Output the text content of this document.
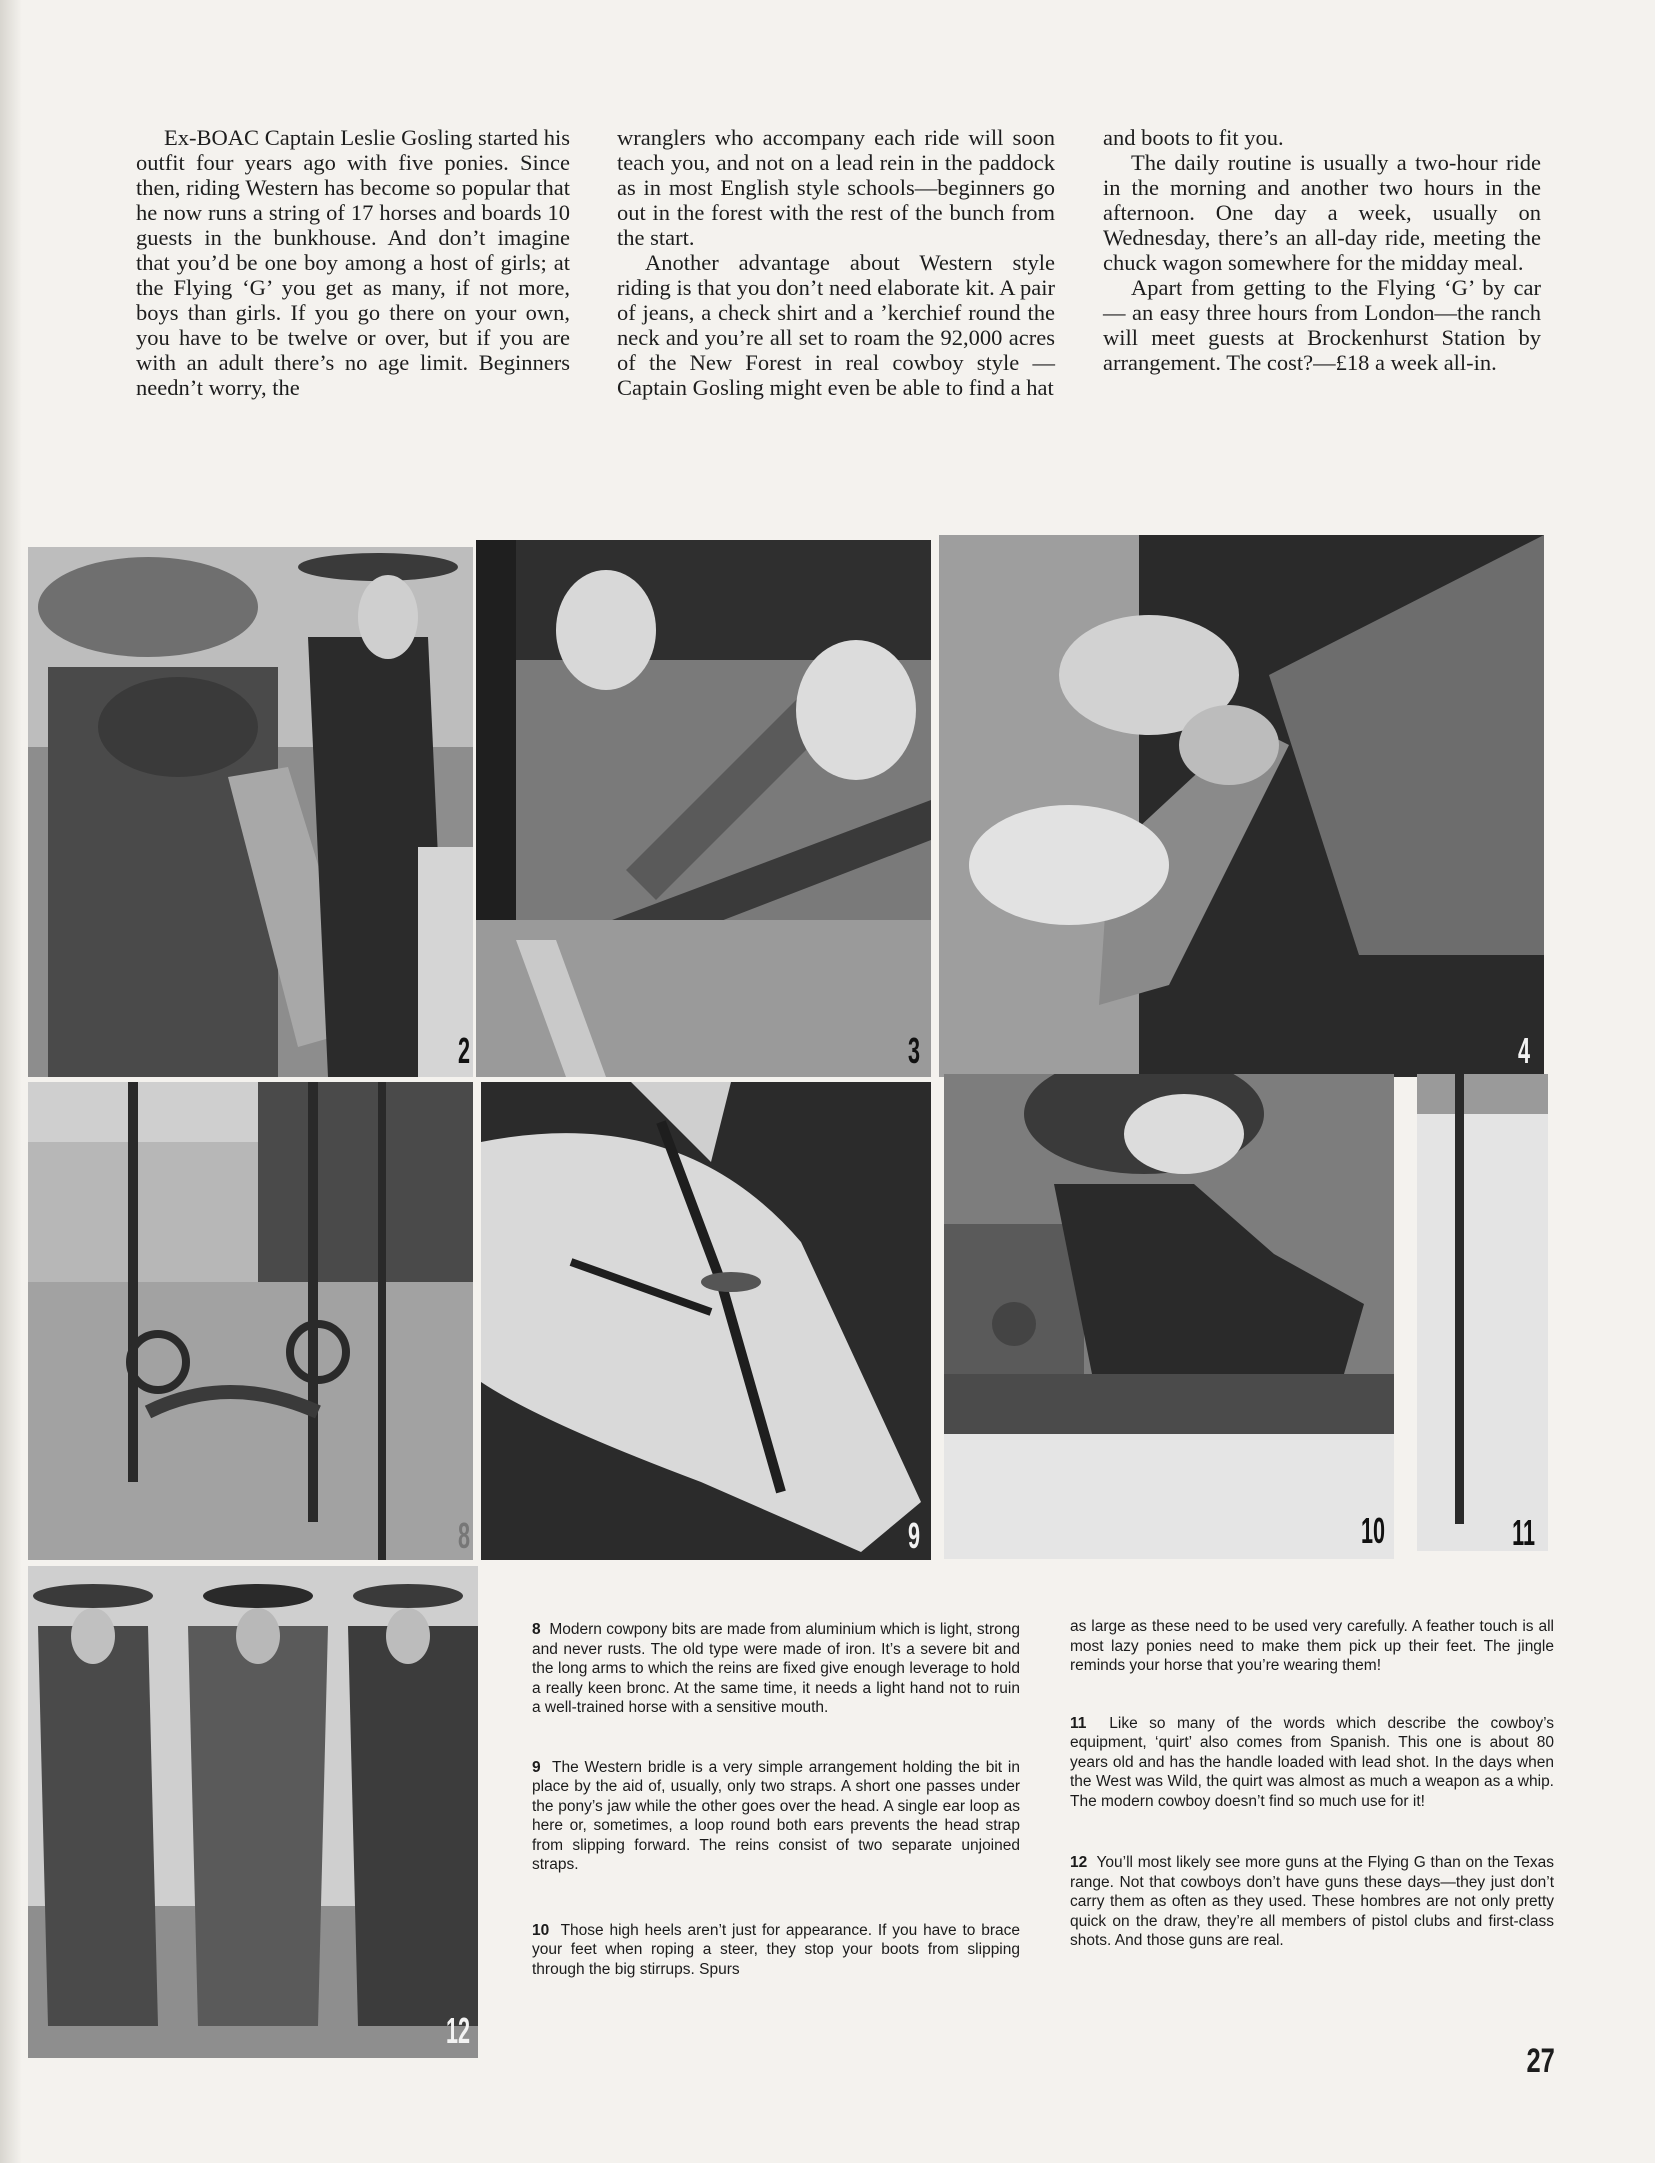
Ex-BOAC Captain Leslie Gosling started his outfit four years ago with five ponies. Since then, riding Western has become so popular that he now runs a string of 17 horses and boards 10 guests in the bunkhouse. And don’t imagine that you’d be one boy among a host of girls; at the Flying ‘G’ you get as many, if not more, boys than girls. If you go there on your own, you have to be twelve or over, but if you are with an adult there’s no age limit. Beginners needn’t worry, the

wranglers who accompany each ride will soon teach you, and not on a lead rein in the paddock as in most English style schools—beginners go out in the forest with the rest of the bunch from the start.

Another advantage about Western style riding is that you don’t need elaborate kit. A pair of jeans, a check shirt and a ’kerchief round the neck and you’re all set to roam the 92,000 acres of the New Forest in real cowboy style — Captain Gosling might even be able to find a hat

and boots to fit you.

The daily routine is usually a two-hour ride in the morning and another two hours in the afternoon. One day a week, usually on Wednesday, there’s an all-day ride, meeting the chuck wagon somewhere for the midday meal.

Apart from getting to the Flying ‘G’ by car — an easy three hours from London—the ranch will meet guests at Brockenhurst Station by arrangement. The cost?—£18 a week all-in.

2	3	4
8	9	10	11
12

8 Modern cowpony bits are made from aluminium which is light, strong and never rusts. The old type were made of iron. It’s a severe bit and the long arms to which the reins are fixed give enough leverage to hold a really keen bronc. At the same time, it needs a light hand not to ruin a well-trained horse with a sensitive mouth.

9 The Western bridle is a very simple arrangement holding the bit in place by the aid of, usually, only two straps. A short one passes under the pony’s jaw while the other goes over the head. A single ear loop as here or, sometimes, a loop round both ears prevents the head strap from slipping forward. The reins consist of two separate unjoined straps.

10 Those high heels aren’t just for appearance. If you have to brace your feet when roping a steer, they stop your boots from slipping through the big stirrups. Spurs

as large as these need to be used very carefully. A feather touch is all most lazy ponies need to make them pick up their feet. The jingle reminds your horse that you’re wearing them!

11 Like so many of the words which describe the cowboy’s equipment, ‘quirt’ also comes from Spanish. This one is about 80 years old and has the handle loaded with lead shot. In the days when the West was Wild, the quirt was almost as much a weapon as a whip. The modern cowboy doesn’t find so much use for it!

12 You’ll most likely see more guns at the Flying G than on the Texas range. Not that cowboys don’t have guns these days—they just don’t carry them as often as they used. These hombres are not only pretty quick on the draw, they’re all members of pistol clubs and first-class shots. And those guns are real.

27
